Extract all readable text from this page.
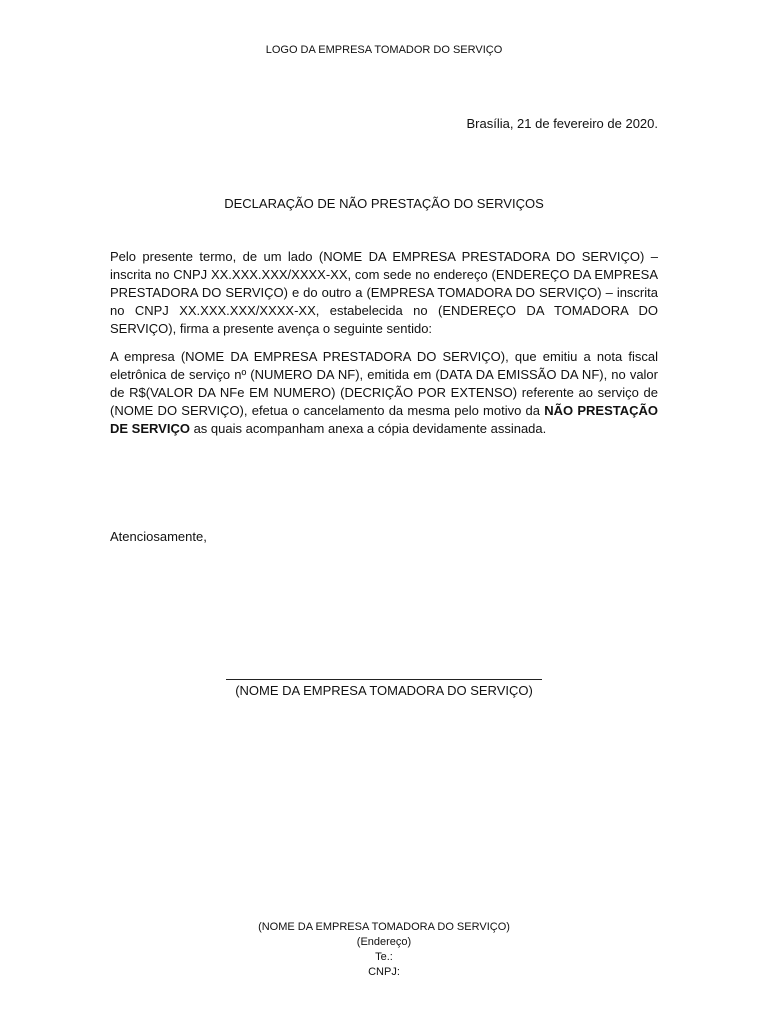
LOGO DA EMPRESA TOMADOR DO SERVIÇO
Brasília, 21 de fevereiro de 2020.
DECLARAÇÃO DE NÃO PRESTAÇÃO DO SERVIÇOS
Pelo presente termo, de um lado (NOME DA EMPRESA PRESTADORA DO SERVIÇO) – inscrita no CNPJ XX.XXX.XXX/XXXX-XX, com sede no endereço (ENDEREÇO DA EMPRESA PRESTADORA DO SERVIÇO) e do outro a (EMPRESA TOMADORA DO SERVIÇO) – inscrita no CNPJ XX.XXX.XXX/XXXX-XX, estabelecida no (ENDEREÇO DA TOMADORA DO SERVIÇO), firma a presente avença o seguinte sentido:
A empresa (NOME DA EMPRESA PRESTADORA DO SERVIÇO), que emitiu a nota fiscal eletrônica de serviço nº (NUMERO DA NF), emitida em (DATA DA EMISSÃO DA NF), no valor de R$(VALOR DA NFe EM NUMERO) (DECRIÇÃO POR EXTENSO) referente ao serviço de (NOME DO SERVIÇO), efetua o cancelamento da mesma pelo motivo da NÃO PRESTAÇÃO DE SERVIÇO as quais acompanham anexa a cópia devidamente assinada.
Atenciosamente,
(NOME DA EMPRESA TOMADORA DO SERVIÇO)
(NOME DA EMPRESA TOMADORA DO SERVIÇO)
(Endereço)
Te.:
CNPJ:
